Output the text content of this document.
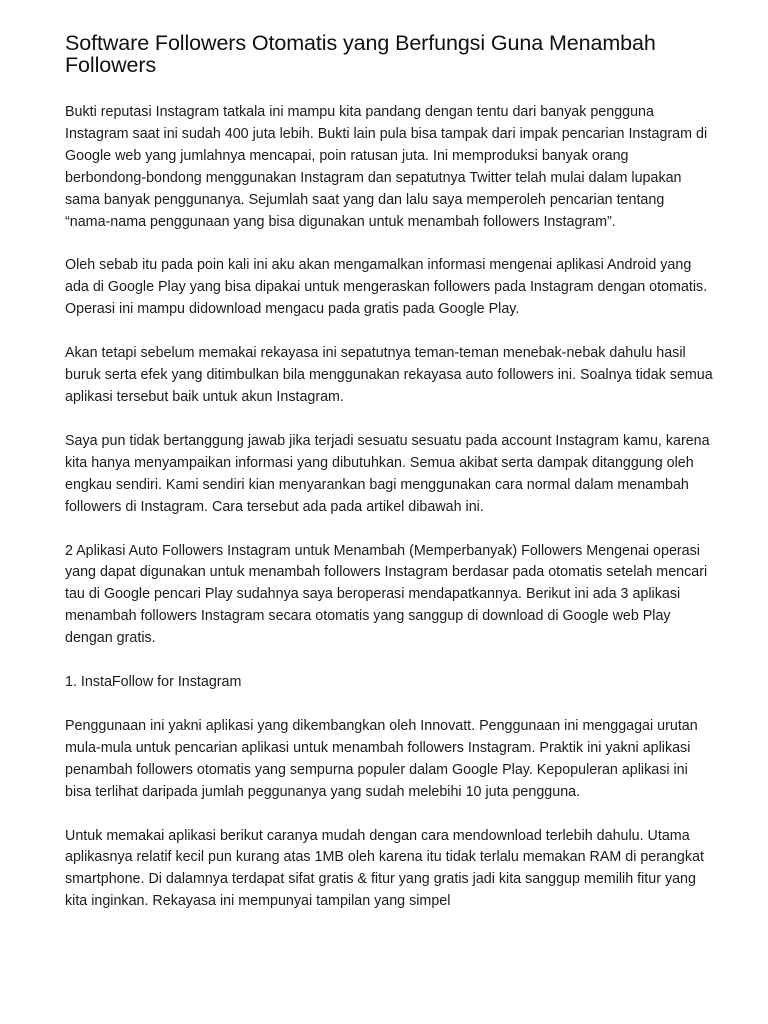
Software Followers Otomatis yang Berfungsi Guna Menambah Followers

Bukti reputasi Instagram tatkala ini mampu kita pandang dengan tentu dari banyak pengguna Instagram saat ini sudah 400 juta lebih. Bukti lain pula bisa tampak dari impak pencarian Instagram di Google web yang jumlahnya mencapai, poin ratusan juta. Ini memproduksi banyak orang berbondong-bondong menggunakan Instagram dan sepatutnya Twitter telah mulai dalam lupakan sama banyak penggunanya. Sejumlah saat yang dan lalu saya memperoleh pencarian tentang “nama-nama penggunaan yang bisa digunakan untuk menambah followers Instagram”.

Oleh sebab itu pada poin kali ini aku akan mengamalkan informasi mengenai aplikasi Android yang ada di Google Play yang bisa dipakai untuk mengeraskan followers pada Instagram dengan otomatis. Operasi ini mampu didownload mengacu pada gratis pada Google Play.

Akan tetapi sebelum memakai rekayasa ini sepatutnya teman-teman menebak-nebak dahulu hasil buruk serta efek yang ditimbulkan bila menggunakan rekayasa auto followers ini. Soalnya tidak semua aplikasi tersebut baik untuk akun Instagram.

Saya pun tidak bertanggung jawab jika terjadi sesuatu sesuatu pada account Instagram kamu, karena kita hanya menyampaikan informasi yang dibutuhkan. Semua akibat serta dampak ditanggung oleh engkau sendiri. Kami sendiri kian menyarankan bagi menggunakan cara normal dalam menambah followers di Instagram. Cara tersebut ada pada artikel dibawah ini.

2 Aplikasi Auto Followers Instagram untuk Menambah (Memperbanyak) Followers Mengenai operasi yang dapat digunakan untuk menambah followers Instagram berdasar pada otomatis setelah mencari tau di Google pencari Play sudahnya saya beroperasi mendapatkannya. Berikut ini ada 3 aplikasi menambah followers Instagram secara otomatis yang sanggup di download di Google web Play dengan gratis.

1. InstaFollow for Instagram

Penggunaan ini yakni aplikasi yang dikembangkan oleh Innovatt. Penggunaan ini menggagai urutan mula-mula untuk pencarian aplikasi untuk menambah followers Instagram. Praktik ini yakni aplikasi penambah followers otomatis yang sempurna populer dalam Google Play. Kepopuleran aplikasi ini bisa terlihat daripada jumlah peggunanya yang sudah melebihi 10 juta pengguna.

Untuk memakai aplikasi berikut caranya mudah dengan cara mendownload terlebih dahulu. Utama aplikasnya relatif kecil pun kurang atas 1MB oleh karena itu tidak terlalu memakan RAM di perangkat smartphone. Di dalamnya terdapat sifat gratis & fitur yang gratis jadi kita sanggup memilih fitur yang kita inginkan. Rekayasa ini mempunyai tampilan yang simpel
